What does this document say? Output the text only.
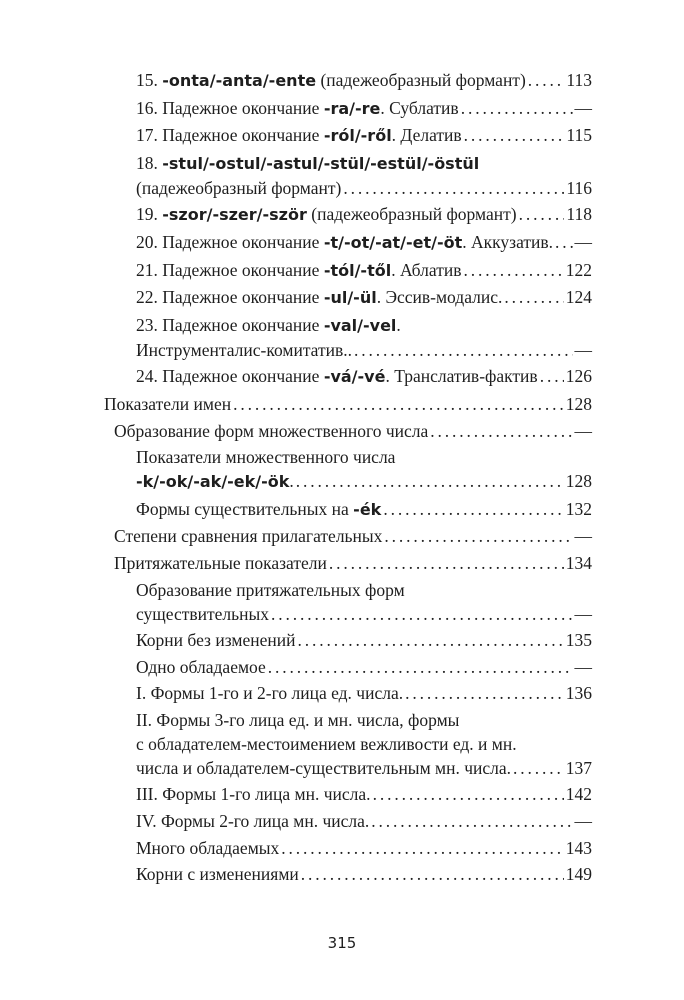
15. -onta/-anta/-ente (падежеобразный формант) . . . 113
16. Падежное окончание -ra/-re. Сублатив . . .	—
17. Падежное окончание -ról/-ről. Делатив . . .	115
18. -stul/-ostul/-astul/-stül/-estül/-östül
(падежеобразный формант) . . .	116
19. -szor/-szer/-ször (падежеобразный формант) . . .	118
20. Падежное окончание -t/-ot/-at/-et/-öt. Аккузатив. . . . —
21. Падежное окончание -tól/-től. Аблатив . . .	122
22. Падежное окончание -ul/-ül. Эссив-модалис. . . .	124
23. Падежное окончание -val/-vel.
Инструменталис-комитатив.. . . .	—
24. Падежное окончание -vá/-vé. Транслатив-фактив . . . 126
Показатели имен . . .	128
Образование форм множественного числа . . .	—
Показатели множественного числа
-k/-ok/-ak/-ek/-ök. . . .	128
Формы существительных на -ék . . .	132
Степени сравнения прилагательных . . .	—
Притяжательные показатели . . .	134
Образование притяжательных форм
существительных . . .	—
Корни без изменений . . .	135
Одно обладаемое . . .	—
I. Формы 1-го и 2-го лица ед. числа. . . .	136
II. Формы 3-го лица ед. и мн. числа, формы
с обладателем-местоимением вежливости ед. и мн.
числа и обладателем-существительным мн. числа. . . .	137
III. Формы 1-го лица мн. числа. . . .	142
IV. Формы 2-го лица мн. числа. . . .	—
Много обладаемых . . .	143
Корни с изменениями . . .	149
315
